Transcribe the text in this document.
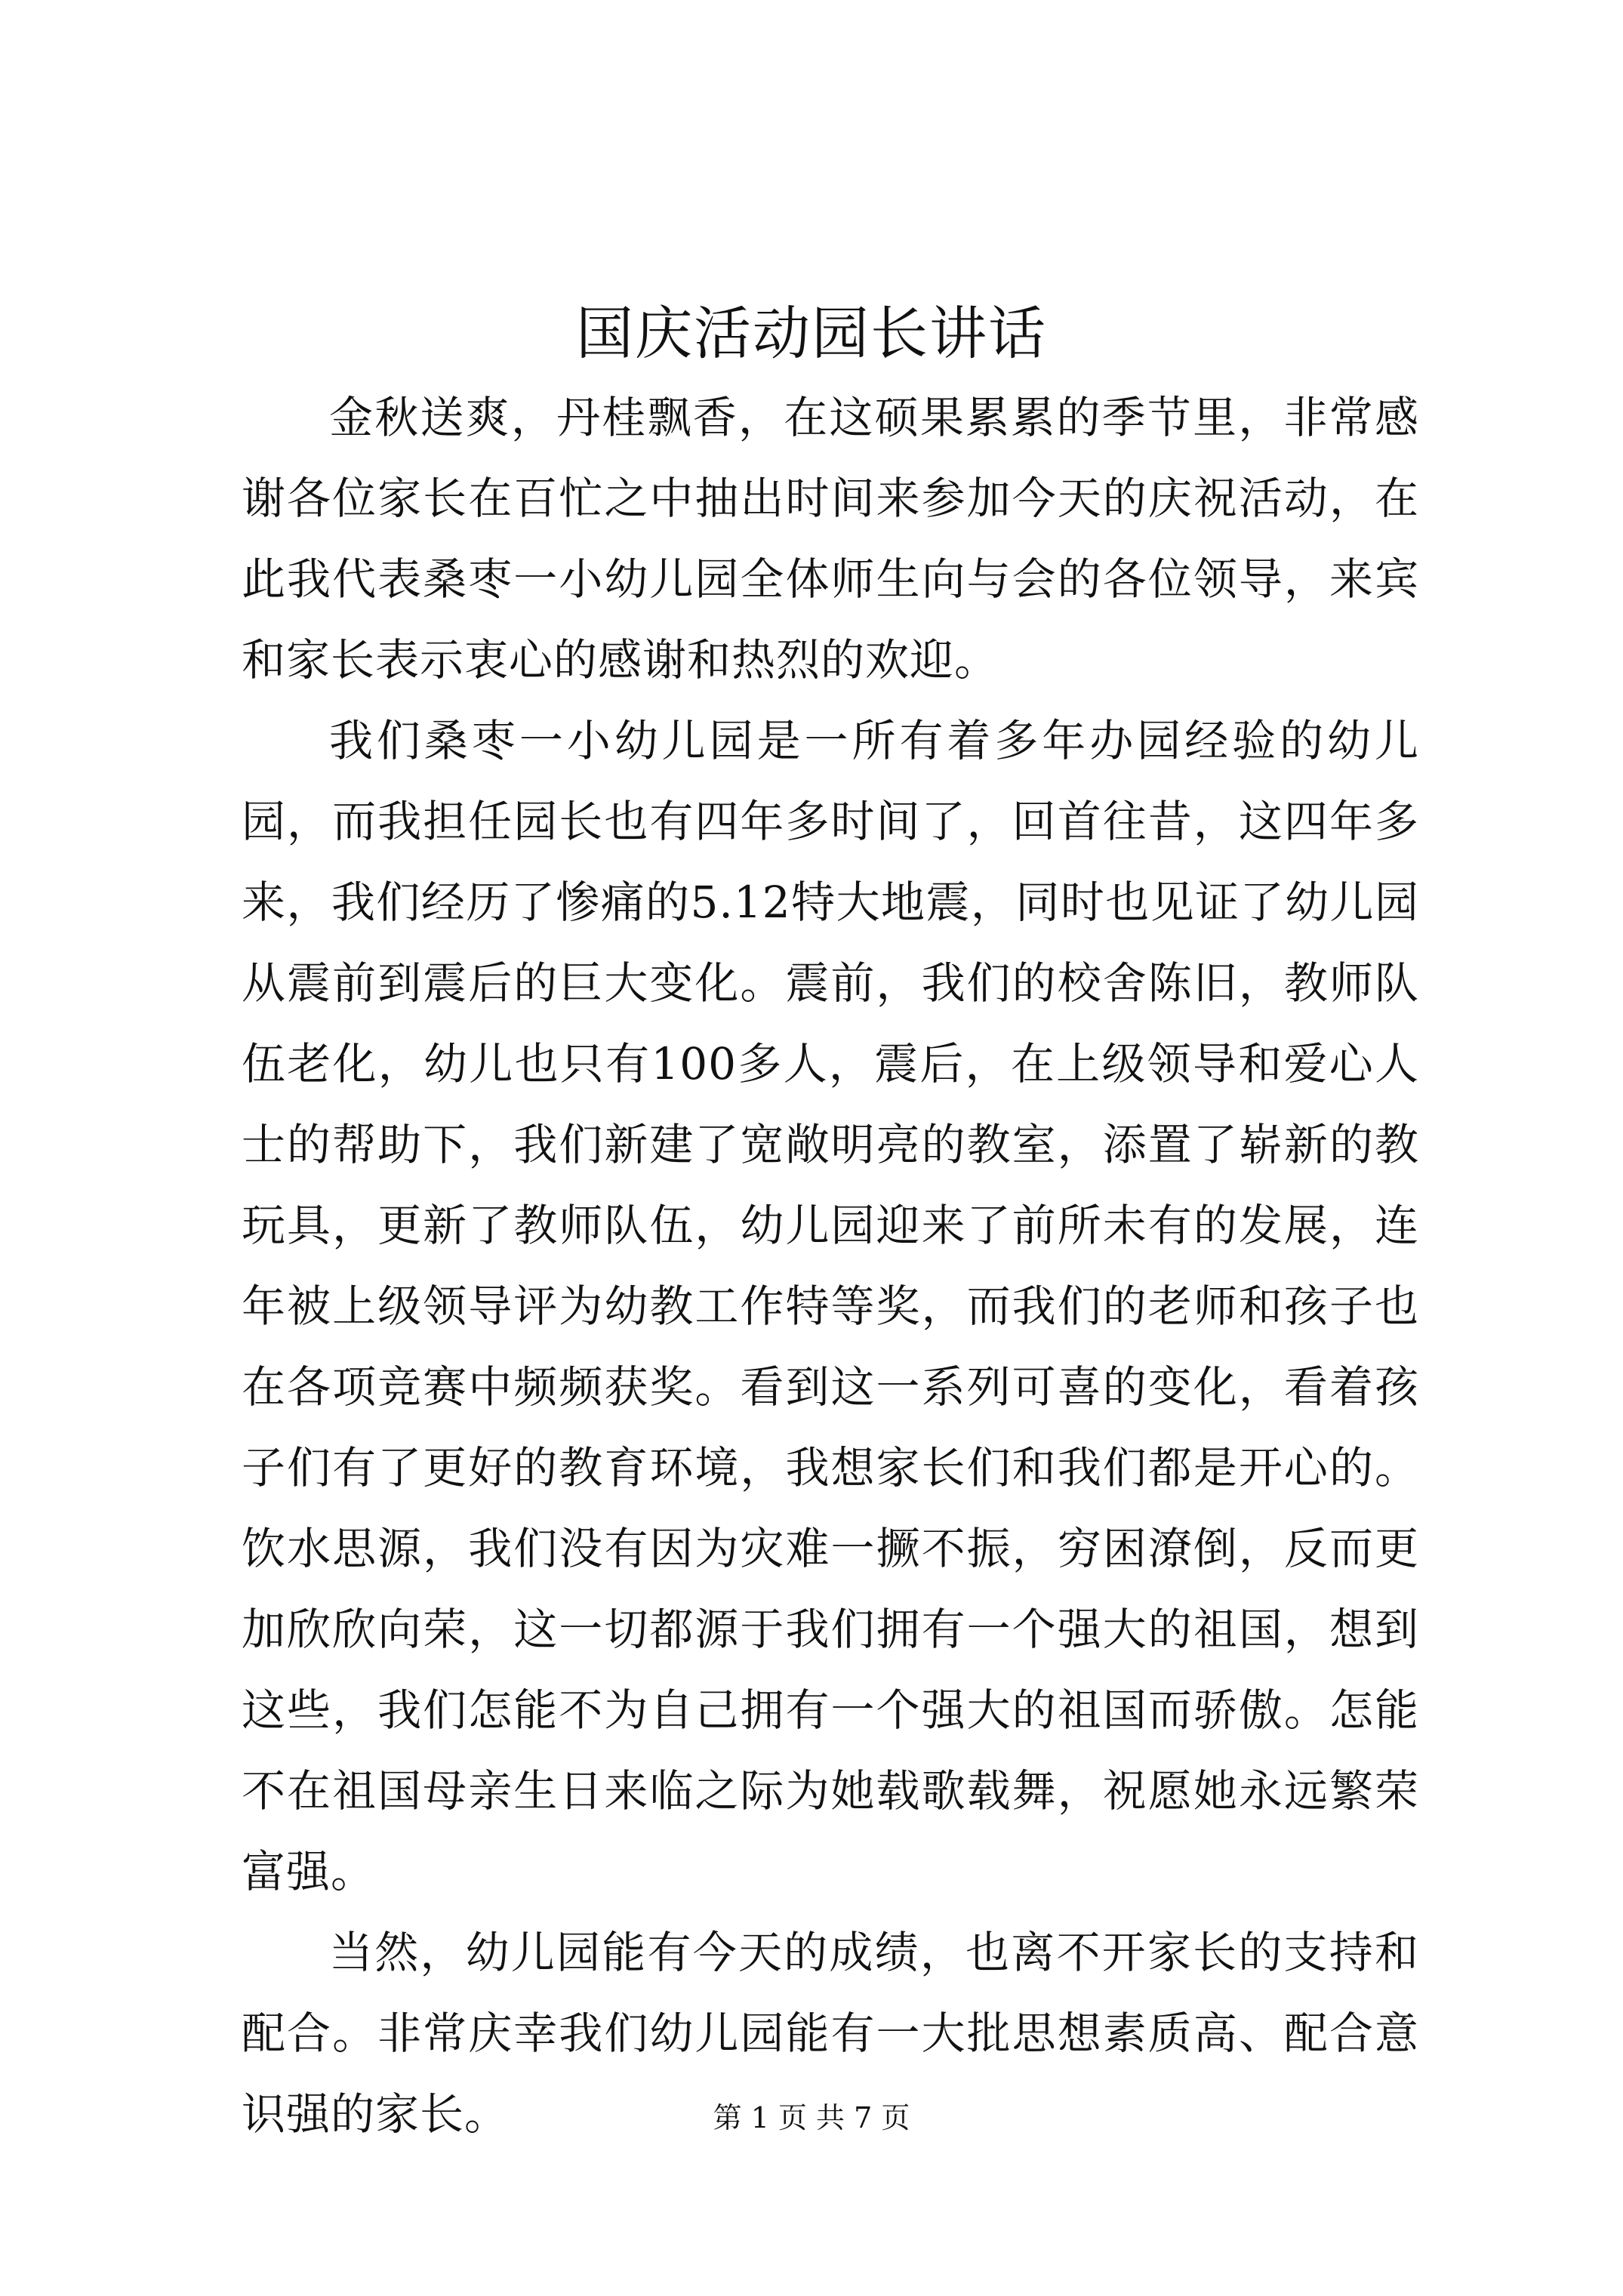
国庆活动园长讲话

金秋送爽，丹桂飘香，在这硕果累累的季节里，非常感谢各位家长在百忙之中抽出时间来参加今天的庆祝活动，在此我代表桑枣一小幼儿园全体师生向与会的各位领导，来宾和家长表示衷心的感谢和热烈的欢迎。

我们桑枣一小幼儿园是一所有着多年办园经验的幼儿园，而我担任园长也有四年多时间了，回首往昔，这四年多来，我们经历了惨痛的5.12特大地震，同时也见证了幼儿园从震前到震后的巨大变化。震前，我们的校舍陈旧，教师队伍老化，幼儿也只有100多人，震后，在上级领导和爱心人士的帮助下，我们新建了宽敞明亮的教室，添置了崭新的教玩具，更新了教师队伍，幼儿园迎来了前所未有的发展，连年被上级领导评为幼教工作特等奖，而我们的老师和孩子也在各项竞赛中频频获奖。看到这一系列可喜的变化，看着孩子们有了更好的教育环境，我想家长们和我们都是开心的。饮水思源，我们没有因为灾难一撅不振，穷困潦倒，反而更加欣欣向荣，这一切都源于我们拥有一个强大的祖国，想到这些，我们怎能不为自己拥有一个强大的祖国而骄傲。怎能不在祖国母亲生日来临之际为她载歌载舞，祝愿她永远繁荣富强。

当然，幼儿园能有今天的成绩，也离不开家长的支持和配合。非常庆幸我们幼儿园能有一大批思想素质高、配合意识强的家长。	第 1 页 共 7 页
